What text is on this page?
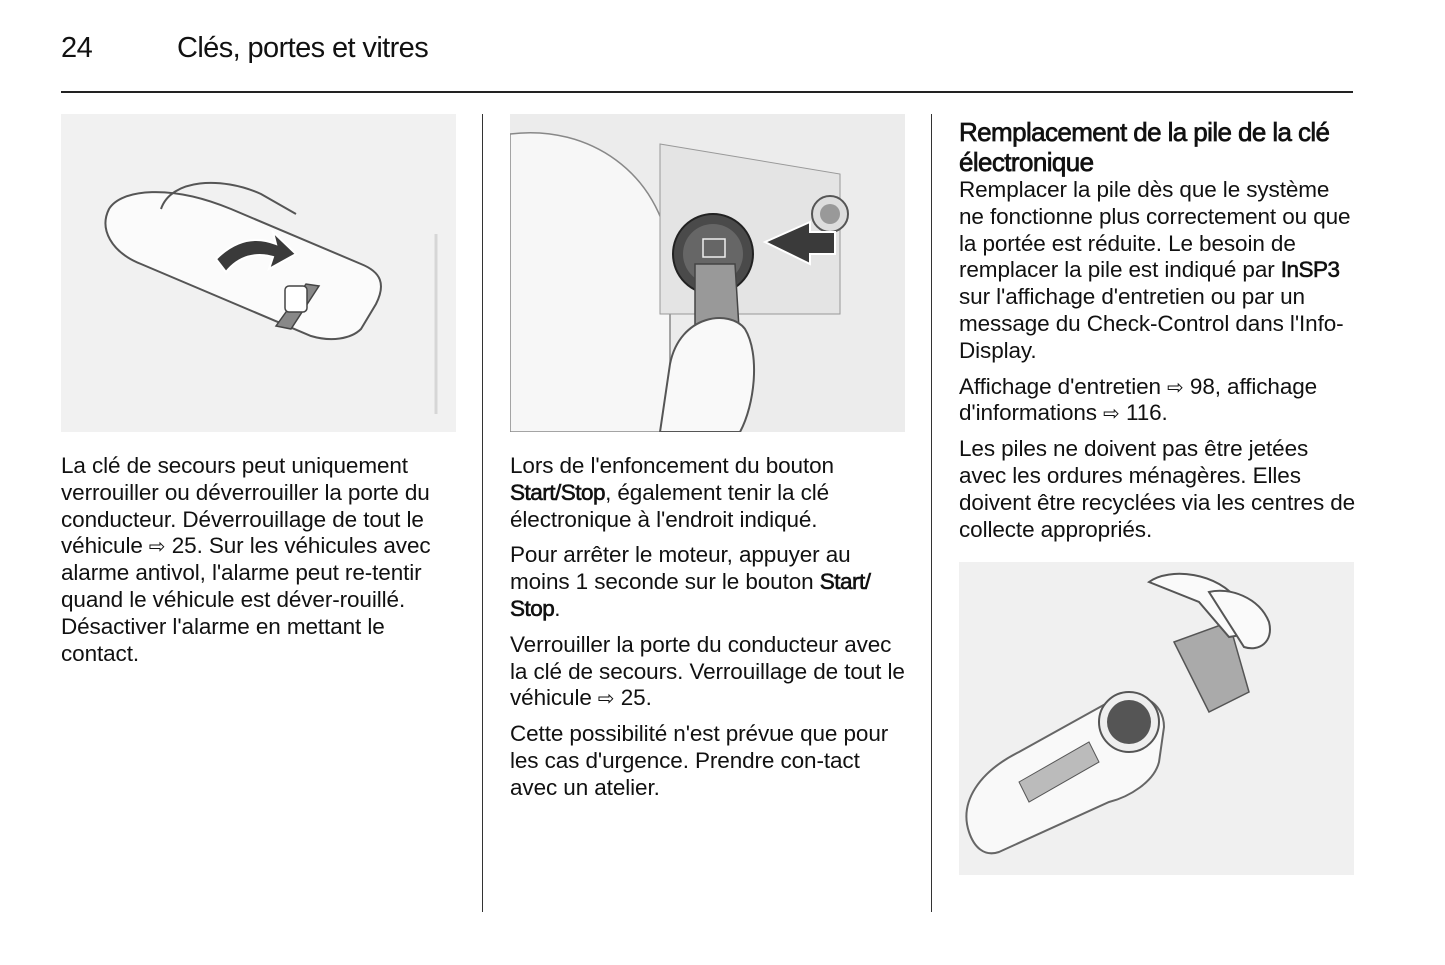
24	Clés, portes et vitres

La clé de secours peut uniquement verrouiller ou déverrouiller la porte du conducteur. Déverrouillage de tout le véhicule ⇨ 25. Sur les véhicules avec alarme antivol, l'alarme peut re-tentir quand le véhicule est déver-rouillé. Désactiver l'alarme en mettant le contact.

Lors de l'enfoncement du bouton Start/Stop, également tenir la clé électronique à l'endroit indiqué.

Pour arrêter le moteur, appuyer au moins 1 seconde sur le bouton Start/ Stop.

Verrouiller la porte du conducteur avec la clé de secours. Verrouillage de tout le véhicule ⇨ 25.

Cette possibilité n'est prévue que pour les cas d'urgence. Prendre con-tact avec un atelier.

Remplacement de la pile de la clé électronique

Remplacer la pile dès que le système ne fonctionne plus correctement ou que la portée est réduite. Le besoin de remplacer la pile est indiqué par InSP3 sur l'affichage d'entretien ou par un message du Check-Control dans l'Info-Display.

Affichage d'entretien ⇨ 98, affichage d'informations ⇨ 116.

Les piles ne doivent pas être jetées avec les ordures ménagères. Elles doivent être recyclées via les centres de collecte appropriés.
